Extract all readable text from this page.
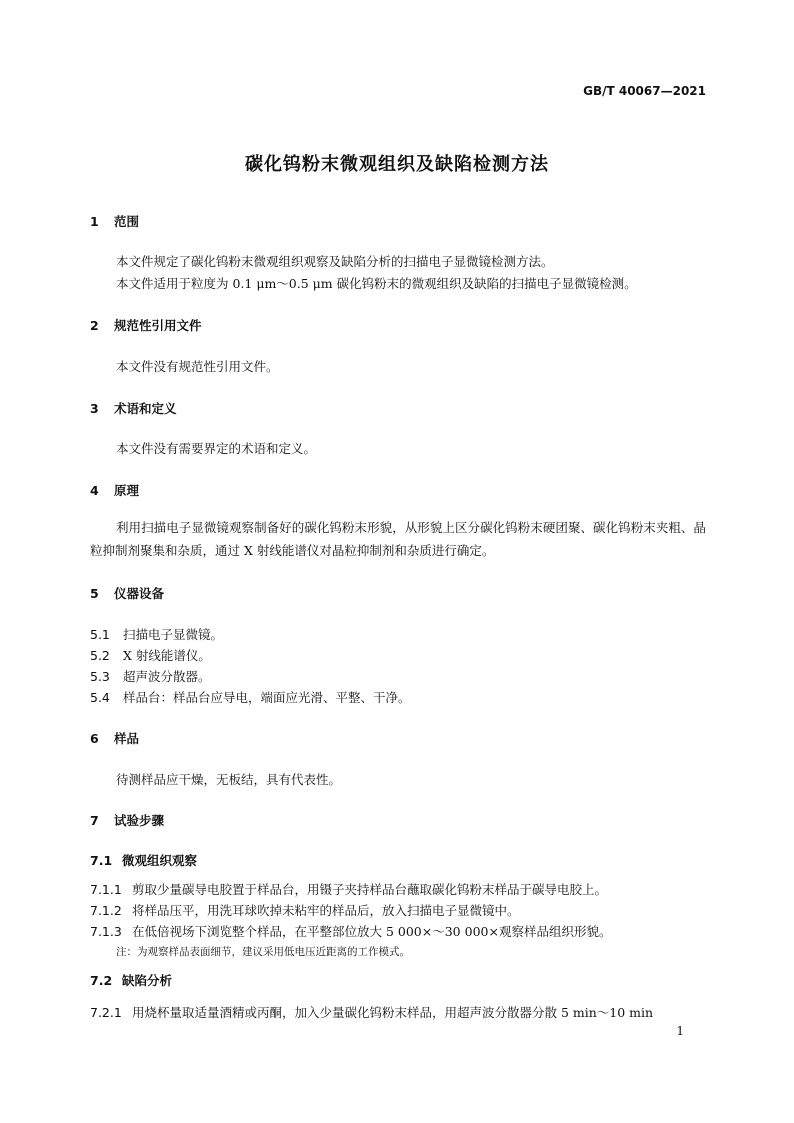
GB/T 40067—2021
碳化钨粉末微观组织及缺陷检测方法
1 范围
本文件规定了碳化钨粉末微观组织观察及缺陷分析的扫描电子显微镜检测方法。
本文件适用于粒度为 0.1 μm～0.5 μm 碳化钨粉末的微观组织及缺陷的扫描电子显微镜检测。
2 规范性引用文件
本文件没有规范性引用文件。
3 术语和定义
本文件没有需要界定的术语和定义。
4 原理
利用扫描电子显微镜观察制备好的碳化钨粉末形貌，从形貌上区分碳化钨粉末硬团聚、碳化钨粉末夹粗、晶粒抑制剂聚集和杂质，通过 X 射线能谱仪对晶粒抑制剂和杂质进行确定。
5 仪器设备
5.1 扫描电子显微镜。
5.2 X 射线能谱仪。
5.3 超声波分散器。
5.4 样品台：样品台应导电，端面应光滑、平整、干净。
6 样品
待测样品应干燥，无板结，具有代表性。
7 试验步骤
7.1 微观组织观察
7.1.1 剪取少量碳导电胶置于样品台，用镊子夹持样品台蘸取碳化钨粉末样品于碳导电胶上。
7.1.2 将样品压平，用洗耳球吹掉未粘牢的样品后，放入扫描电子显微镜中。
7.1.3 在低倍视场下浏览整个样品，在平整部位放大 5 000×～30 000×观察样品组织形貌。
注：为观察样品表面细节，建议采用低电压近距离的工作模式。
7.2 缺陷分析
7.2.1 用烧杯量取适量酒精或丙酮，加入少量碳化钨粉末样品，用超声波分散器分散 5 min～10 min
1
